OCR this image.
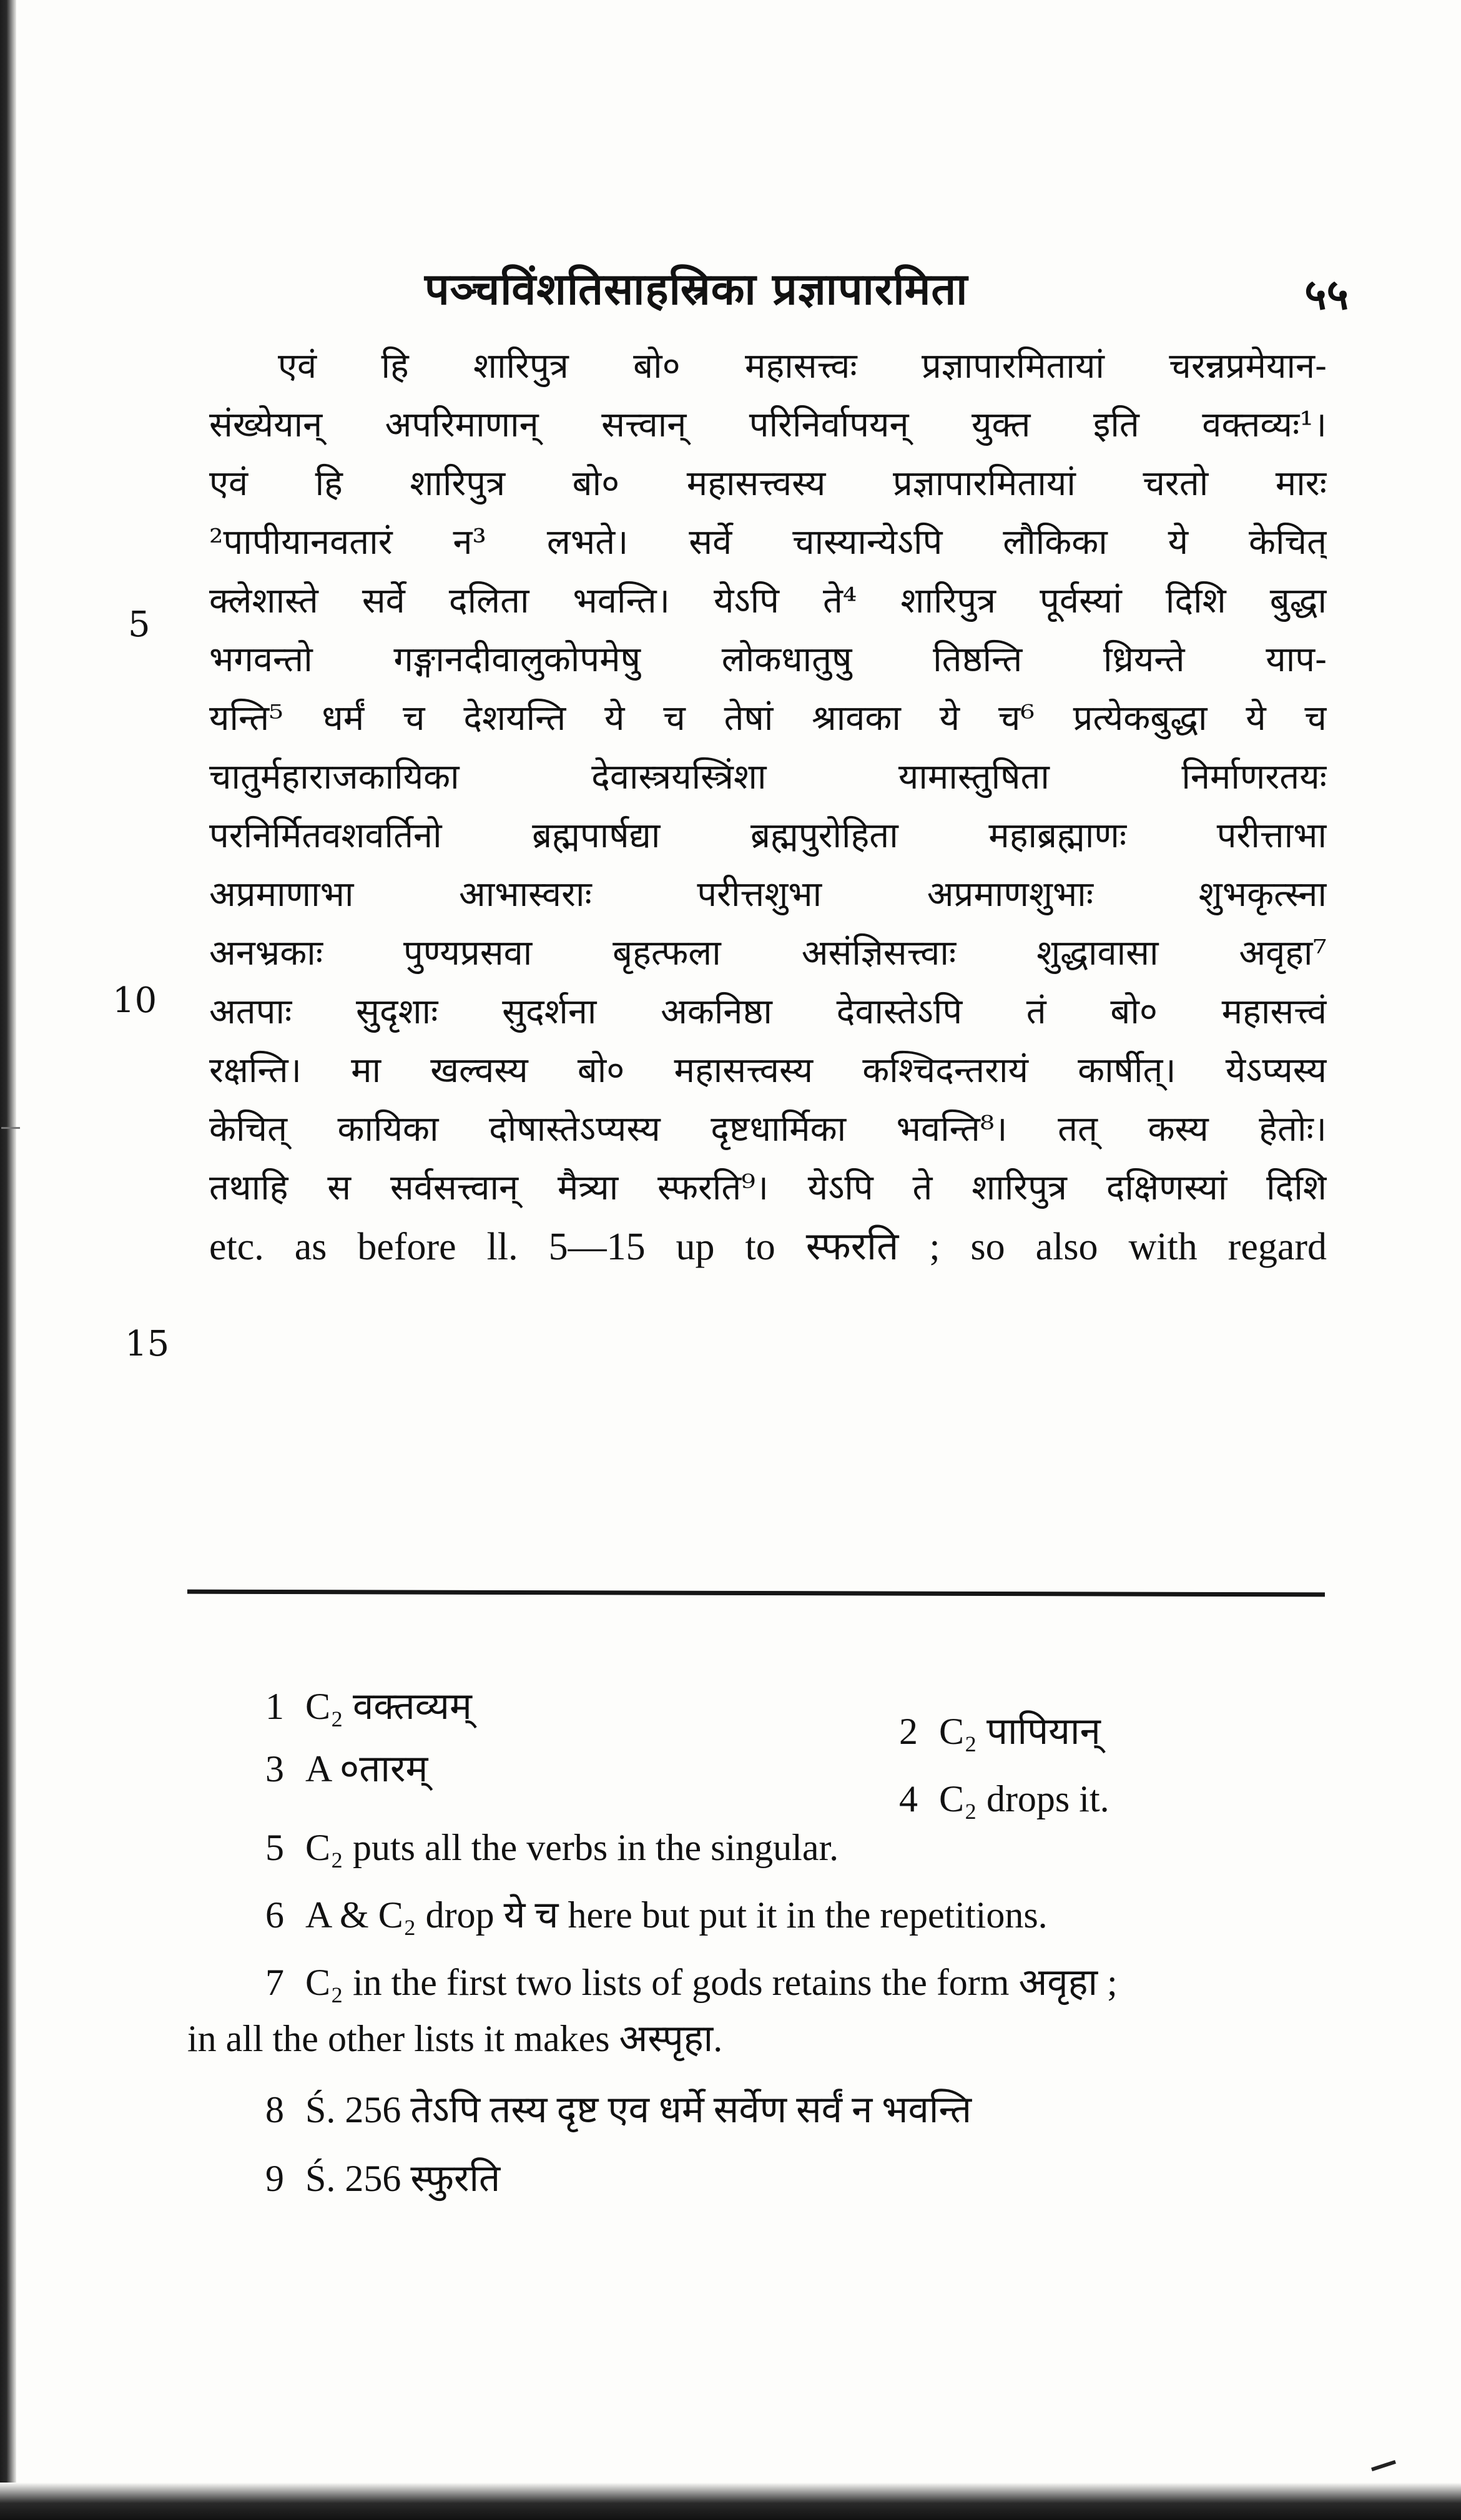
पञ्चविंशतिसाहस्रिका प्रज्ञापारमिता	५५
एवं हि शारिपुत्र बो० महासत्त्वः प्रज्ञापारमितायां चरन्नप्रमेयान-
संख्येयान् अपरिमाणान् सत्त्वान् परिनिर्वापयन् युक्त इति वक्तव्यः¹।
एवं हि शारिपुत्र बो० महासत्त्वस्य प्रज्ञापारमितायां चरतो मारः
²पापीयानवतारं न³ लभते। सर्वे चास्यान्येऽपि लौकिका ये केचित्
क्लेशास्ते सर्वे दलिता भवन्ति। येऽपि ते⁴ शारिपुत्र पूर्वस्यां दिशि बुद्धा
भगवन्तो गङ्गानदीवालुकोपमेषु लोकधातुषु तिष्ठन्ति ध्रियन्ते याप-
यन्ति⁵ धर्मं च देशयन्ति ये च तेषां श्रावका ये च⁶ प्रत्येकबुद्धा ये च
चातुर्महाराजकायिका देवास्त्रयस्त्रिंशा यामास्तुषिता निर्माणरतयः
परनिर्मितवशवर्तिनो ब्रह्मपार्षद्या ब्रह्मपुरोहिता महाब्रह्माणः परीत्ताभा
अप्रमाणाभा आभास्वराः परीत्तशुभा अप्रमाणशुभाः शुभकृत्स्ना
अनभ्रकाः पुण्यप्रसवा बृहत्फला असंज्ञिसत्त्वाः शुद्धावासा अवृहा⁷
अतपाः सुदृशाः सुदर्शना अकनिष्ठा देवास्तेऽपि तं बो० महासत्त्वं
रक्षन्ति। मा खल्वस्य बो० महासत्त्वस्य कश्चिदन्तरायं कार्षीत्। येऽप्यस्य
केचित् कायिका दोषास्तेऽप्यस्य दृष्टधार्मिका भवन्ति⁸। तत् कस्य हेतोः।
तथाहि स सर्वसत्त्वान् मैत्र्या स्फरति⁹। येऽपि ते शारिपुत्र दक्षिणस्यां दिशि
etc. as before ll. 5—15 up to स्फरति ; so also with regard
5
10
15
1 C₂ वक्तव्यम्
2 C₂ पापियान्
3 A ०तारम्
4 C₂ drops it.
5 C₂ puts all the verbs in the singular.
6 A & C₂ drop ये च here but put it in the repetitions.
7 C₂ in the first two lists of gods retains the form अवृहा ;
in all the other lists it makes अस्पृहा.
8 Ś. 256 तेऽपि तस्य दृष्ट एव धर्मे सर्वेण सर्वं न भवन्ति
9 Ś. 256 स्फुरति
